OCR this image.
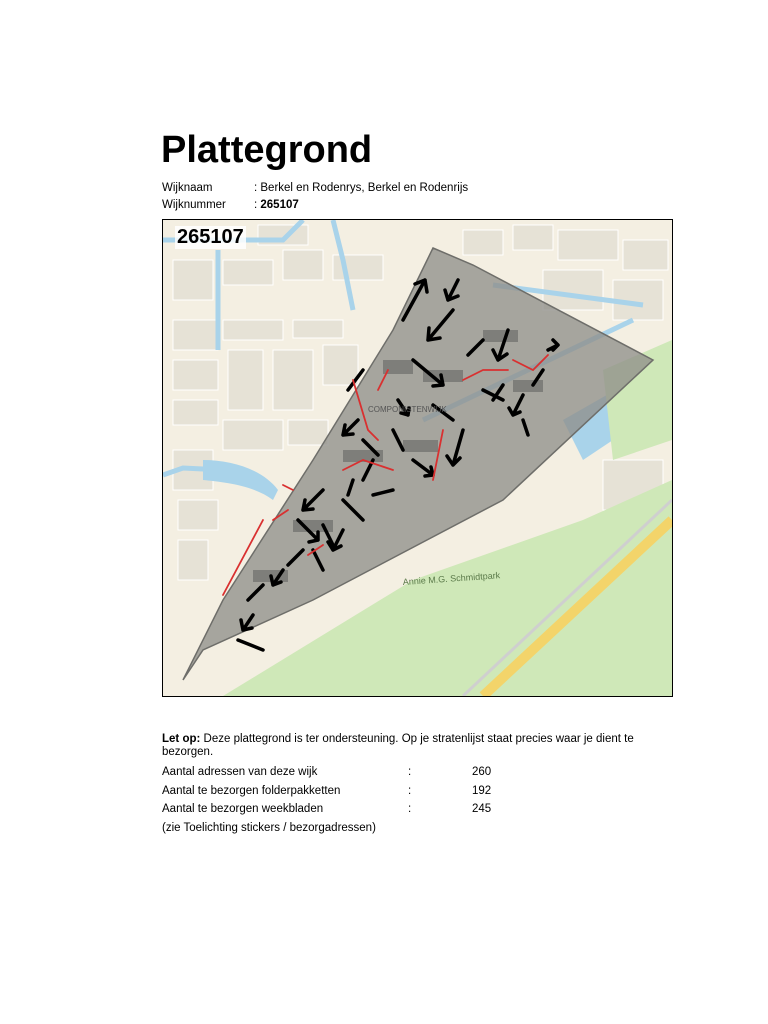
Plattegrond
Wijknaam	: Berkel en Rodenrys, Berkel en Rodenrijs
Wijknummer : 265107
Annie M.G. Schmidtpark
COMPONISTENWIJK
265107
Let op: Deze plattegrond is ter ondersteuning. Op je stratenlijst staat precies waar je dient te bezorgen.
Aantal adressen van deze wijk	:	260
Aantal te bezorgen folderpakketten	:	192
Aantal te bezorgen weekbladen	:	245
(zie Toelichting stickers / bezorgadressen)
